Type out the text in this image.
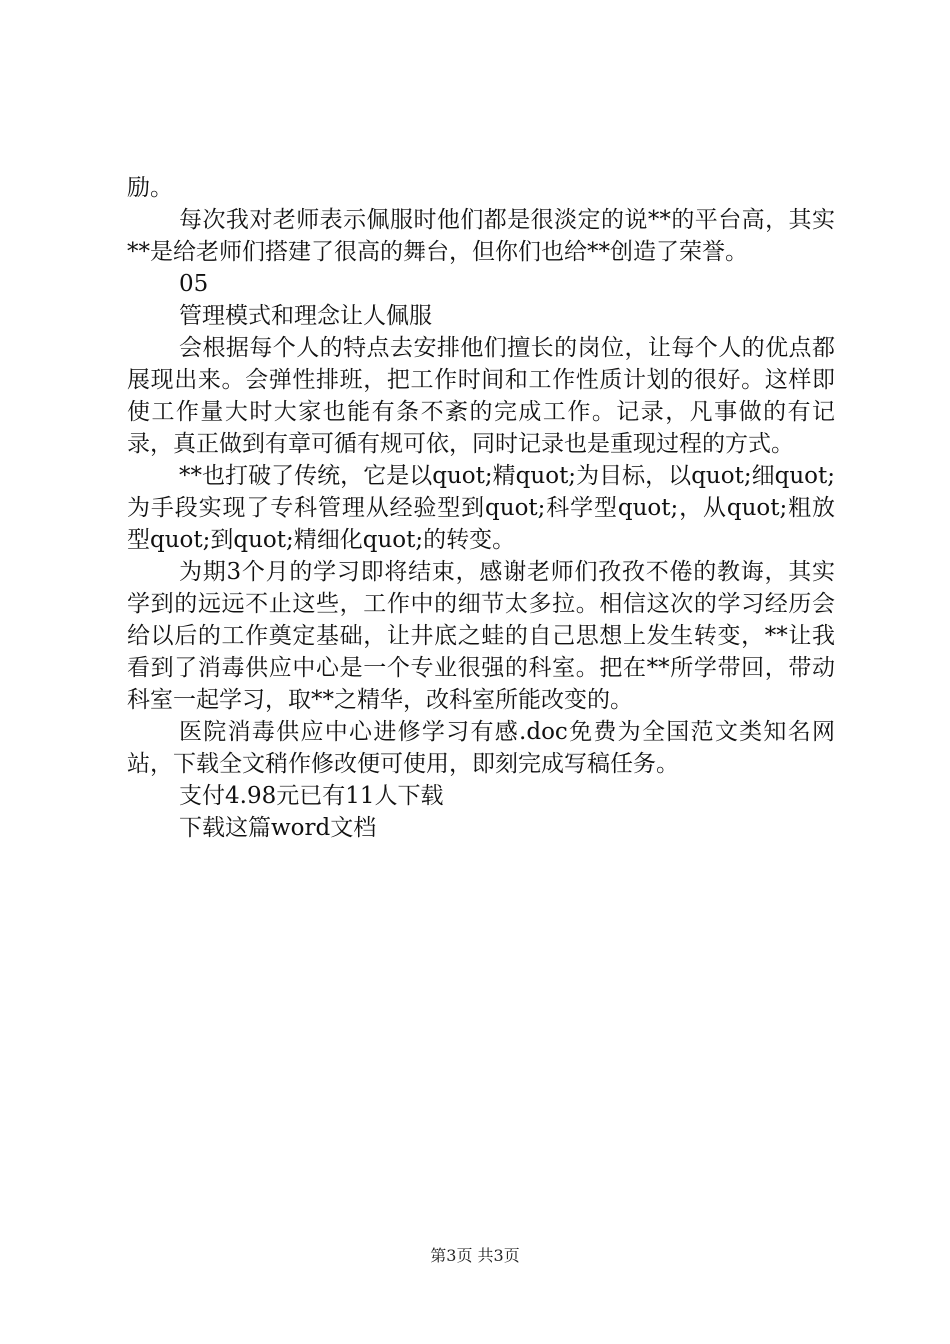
励。

每次我对老师表示佩服时他们都是很淡定的说**的平台高，其实**是给老师们搭建了很高的舞台，但你们也给**创造了荣誉。

05

管理模式和理念让人佩服

会根据每个人的特点去安排他们擅长的岗位，让每个人的优点都展现出来。会弹性排班，把工作时间和工作性质计划的很好。这样即使工作量大时大家也能有条不紊的完成工作。记录，凡事做的有记录，真正做到有章可循有规可依，同时记录也是重现过程的方式。

**也打破了传统，它是以quot;精quot;为目标，以quot;细quot;为手段实现了专科管理从经验型到quot;科学型quot;，从quot;粗放型quot;到quot;精细化quot;的转变。

为期3个月的学习即将结束，感谢老师们孜孜不倦的教诲，其实学到的远远不止这些，工作中的细节太多拉。相信这次的学习经历会给以后的工作奠定基础，让井底之蛙的自己思想上发生转变，**让我看到了消毒供应中心是一个专业很强的科室。把在**所学带回，带动科室一起学习，取**之精华，改科室所能改变的。

医院消毒供应中心进修学习有感.doc免费为全国范文类知名网站，下载全文稍作修改便可使用，即刻完成写稿任务。

支付4.98元已有11人下载

下载这篇word文档

第3页 共3页
